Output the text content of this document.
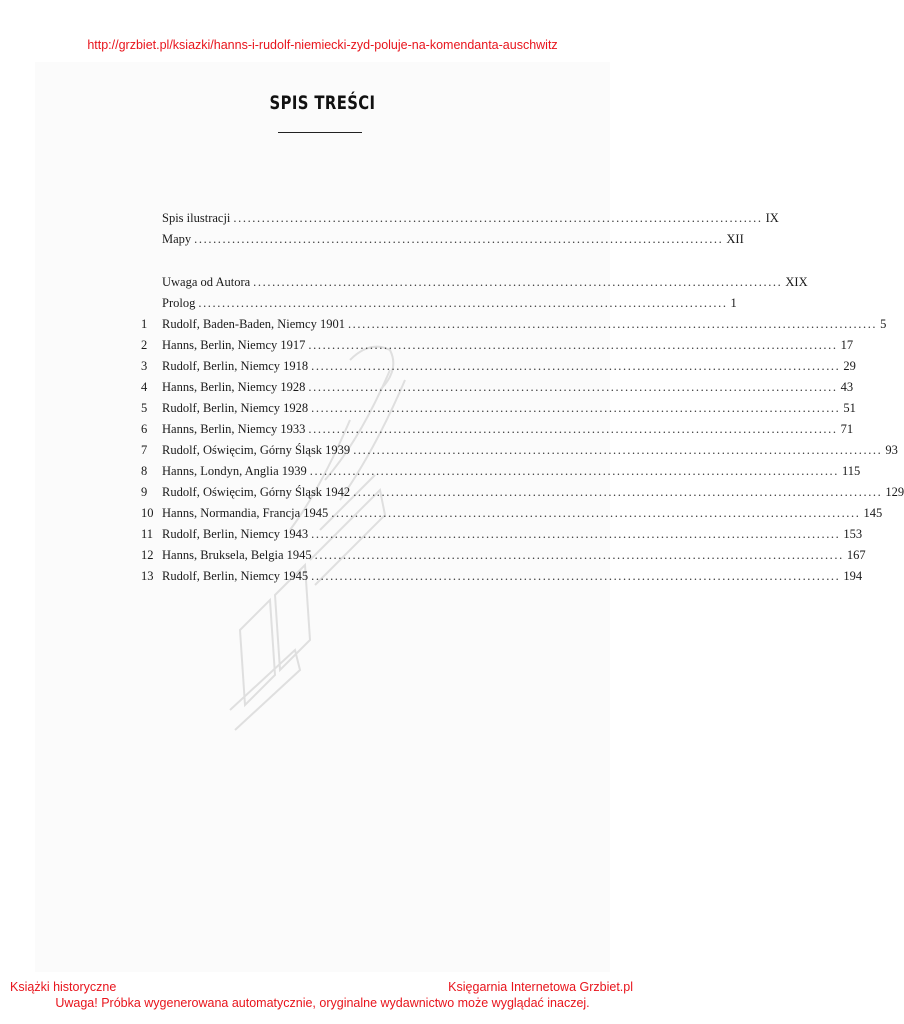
http://grzbiet.pl/ksiazki/hanns-i-rudolf-niemiecki-zyd-poluje-na-komendanta-auschwitz
SPIS TREŚCI
Spis ilustracji ................................................................................................................ IX
Mapy ................................................................................................................ XII
Uwaga od Autora ................................................................................................................ XIX
Prolog ................................................................................................................ 1
1	Rudolf, Baden-Baden, Niemcy 1901 ................................................................................................................ 5
2	Hanns, Berlin, Niemcy 1917 ................................................................................................................ 17
3	Rudolf, Berlin, Niemcy 1918 ................................................................................................................ 29
4	Hanns, Berlin, Niemcy 1928 ................................................................................................................ 43
5	Rudolf, Berlin, Niemcy 1928 ................................................................................................................ 51
6	Hanns, Berlin, Niemcy 1933 ................................................................................................................ 71
7	Rudolf, Oświęcim, Górny Śląsk 1939 ................................................................................................................ 93
8	Hanns, Londyn, Anglia 1939 ................................................................................................................ 115
9	Rudolf, Oświęcim, Górny Śląsk 1942 ................................................................................................................ 129
10 Hanns, Normandia, Francja 1945 ................................................................................................................ 145
11 Rudolf, Berlin, Niemcy 1943 ................................................................................................................ 153
12 Hanns, Bruksela, Belgia 1945 ................................................................................................................ 167
13 Rudolf, Berlin, Niemcy 1945 ................................................................................................................ 194
Książki historyczne	Księgarnia Internetowa Grzbiet.pl
Uwaga! Próbka wygenerowana automatycznie, oryginalne wydawnictwo może wyglądać inaczej.
